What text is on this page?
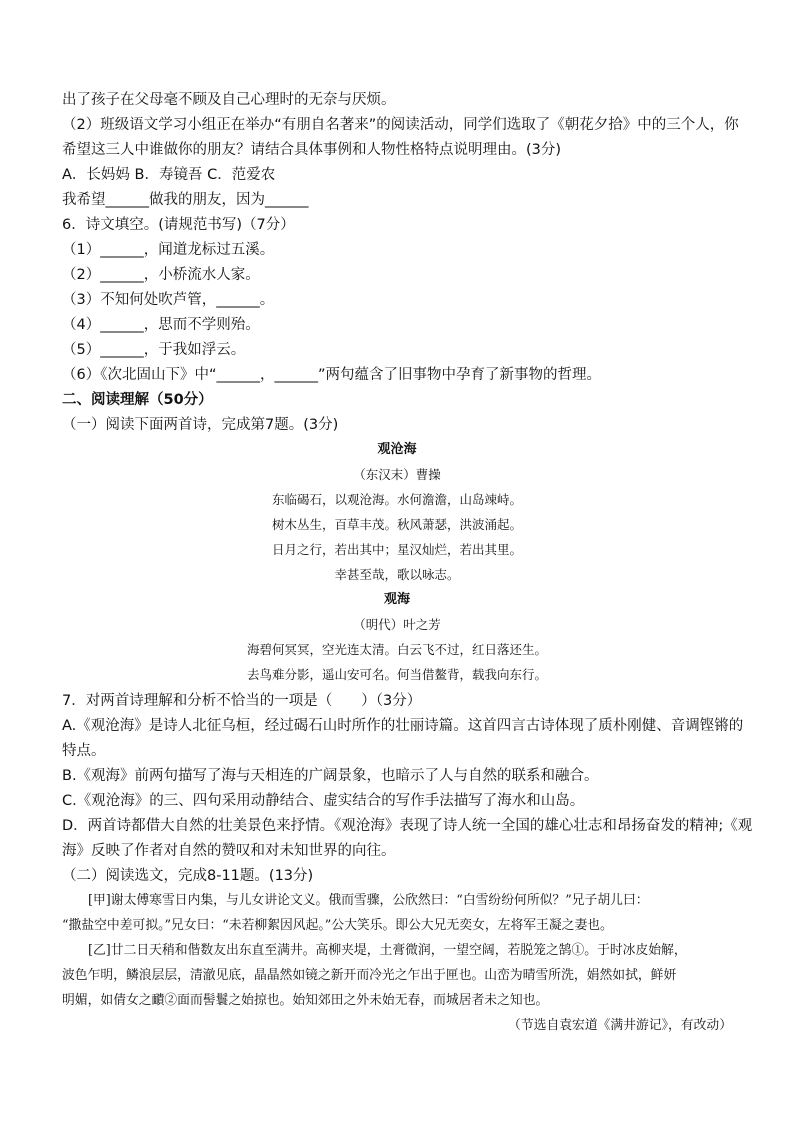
出了孩子在父母毫不顾及自己心理时的无奈与厌烦。
（2）班级语文学习小组正在举办“有朋自名著来”的阅读活动，同学们选取了《朝花夕拾》中的三个人，你
希望这三人中谁做你的朋友？请结合具体事例和人物性格特点说明理由。(3分)
A．长妈妈 B．寿镜吾 C．范爱农
我希望______做我的朋友，因为______
6．诗文填空。(请规范书写)（7分）
（1）______，闻道龙标过五溪。
（2）______，小桥流水人家。
（3）不知何处吹芦管，______。
（4）______，思而不学则殆。
（5）______，于我如浮云。
（6）《次北固山下》中“______，______”两句蕴含了旧事物中孕育了新事物的哲理。
二、阅读理解（50分）
（一）阅读下面两首诗，完成第7题。(3分)
观沧海
（东汉末）曹操
东临碣石，以观沧海。水何澹澹，山岛竦峙。
树木丛生，百草丰茂。秋风萧瑟，洪波涌起。
日月之行，若出其中；星汉灿烂，若出其里。
幸甚至哉，歌以咏志。
观海
（明代）叶之芳
海碧何冥冥，空光连太清。白云飞不过，红日落还生。
去鸟难分影，遥山安可名。何当借鳌背，载我向东行。
7．对两首诗理解和分析不恰当的一项是（　　）（3分）
A.《观沧海》是诗人北征乌桓，经过碣石山时所作的壮丽诗篇。这首四言古诗体现了质朴刚健、音调铿锵的
特点。
B.《观海》前两句描写了海与天相连的广阔景象，也暗示了人与自然的联系和融合。
C.《观沧海》的三、四句采用动静结合、虚实结合的写作手法描写了海水和山岛。
D．两首诗都借大自然的壮美景色来抒情。《观沧海》表现了诗人统一全国的雄心壮志和昂扬奋发的精神;《观
海》反映了作者对自然的赞叹和对未知世界的向往。
（二）阅读选文，完成8-11题。(13分)
[甲]谢太傅寒雪日内集，与儿女讲论文义。俄而雪骤，公欣然曰：“白雪纷纷何所似？”兄子胡儿曰：
“撒盐空中差可拟。”兄女曰：“未若柳絮因风起。”公大笑乐。即公大兄无奕女，左将军王凝之妻也。
[乙]廿二日天稍和偕数友出东直至满井。高柳夹堤，土膏微润，一望空阔，若脱笼之鹄①。于时冰皮始解，
波色乍明，鳞浪层层，清澈见底，晶晶然如镜之新开而冷光之乍出于匣也。山峦为晴雪所洗，娟然如拭，鲜妍
明媚，如倩女之靧②面而髻鬟之始掠也。始知郊田之外未始无春，而城居者未之知也。
（节选自袁宏道《满井游记》，有改动）
